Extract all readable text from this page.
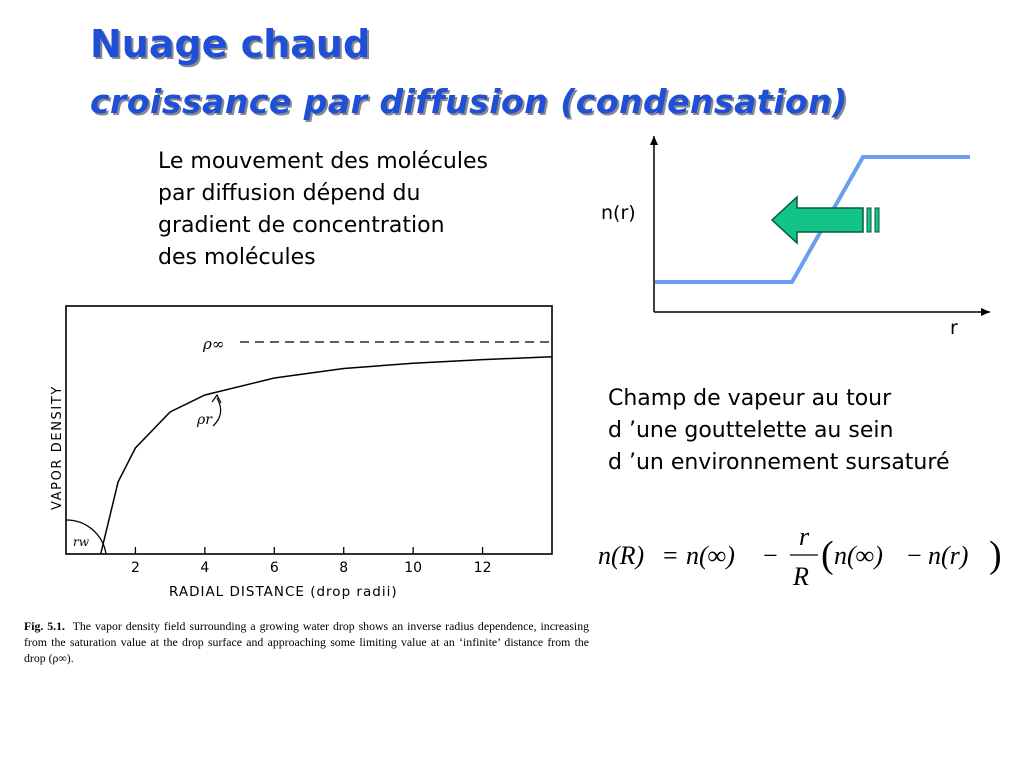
Nuage chaud
croissance par diffusion (condensation)
Le mouvement des molécules
par diffusion dépend du
gradient de concentration
des molécules
n(r)
r
VAPOR DENSITY
ρ∞
2	4	6	8	10	12
rw
ρr
RADIAL DISTANCE (drop radii)
Fig. 5.1. The vapor density field surrounding a growing water drop shows an inverse radius dependence, increasing from the saturation value at the drop surface and approaching some limiting value at an ‘infinite’ distance from the drop (ρ∞).
Champ de vapeur au tour
d ’une gouttelette au sein
d ’un environnement sursaturé
n(R) = n(∞) −
r
R
( n(∞) − n(r) )
